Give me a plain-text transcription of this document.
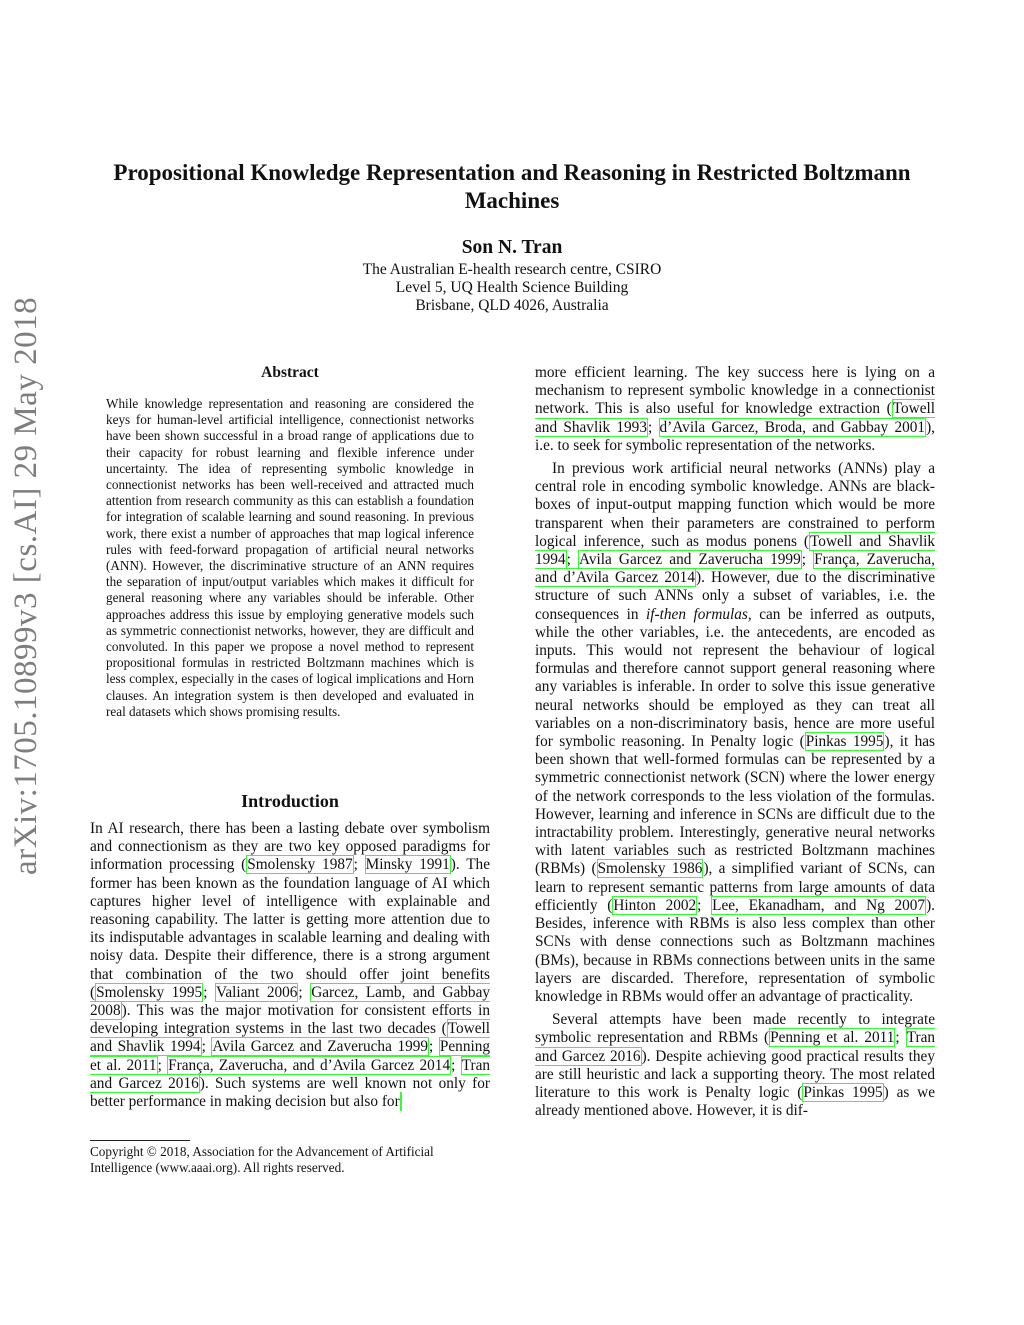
arXiv:1705.10899v3 [cs.AI] 29 May 2018
Propositional Knowledge Representation and Reasoning in Restricted Boltzmann Machines
Son N. Tran
The Australian E-health research centre, CSIRO
Level 5, UQ Health Science Building
Brisbane, QLD 4026, Australia
Abstract
While knowledge representation and reasoning are considered the keys for human-level artificial intelligence, connectionist networks have been shown successful in a broad range of applications due to their capacity for robust learning and flexible inference under uncertainty. The idea of representing symbolic knowledge in connectionist networks has been well-received and attracted much attention from research community as this can establish a foundation for integration of scalable learning and sound reasoning. In previous work, there exist a number of approaches that map logical inference rules with feed-forward propagation of artificial neural networks (ANN). However, the discriminative structure of an ANN requires the separation of input/output variables which makes it difficult for general reasoning where any variables should be inferable. Other approaches address this issue by employing generative models such as symmetric connectionist networks, however, they are difficult and convoluted. In this paper we propose a novel method to represent propositional formulas in restricted Boltzmann machines which is less complex, especially in the cases of logical implications and Horn clauses. An integration system is then developed and evaluated in real datasets which shows promising results.
Introduction

In AI research, there has been a lasting debate over symbolism and connectionism as they are two key opposed paradigms for information processing (Smolensky 1987; Minsky 1991). The former has been known as the foundation language of AI which captures higher level of intelligence with explainable and reasoning capability. The latter is getting more attention due to its indisputable advantages in scalable learning and dealing with noisy data. Despite their difference, there is a strong argument that combination of the two should offer joint benefits (Smolensky 1995; Valiant 2006; Garcez, Lamb, and Gabbay 2008). This was the major motivation for consistent efforts in developing integration systems in the last two decades (Towell and Shavlik 1994; Avila Garcez and Zaverucha 1999; Penning et al. 2011; França, Zaverucha, and d’Avila Garcez 2014; Tran and Garcez 2016). Such systems are well known not only for better performance in making decision but also for

Copyright © 2018, Association for the Advancement of Artificial Intelligence (www.aaai.org). All rights reserved.

more efficient learning. The key success here is lying on a mechanism to represent symbolic knowledge in a connectionist network. This is also useful for knowledge extraction (Towell and Shavlik 1993; d’Avila Garcez, Broda, and Gabbay 2001), i.e. to seek for symbolic representation of the networks.

In previous work artificial neural networks (ANNs) play a central role in encoding symbolic knowledge. ANNs are black-boxes of input-output mapping function which would be more transparent when their parameters are constrained to perform logical inference, such as modus ponens (Towell and Shavlik 1994; Avila Garcez and Zaverucha 1999; França, Zaverucha, and d’Avila Garcez 2014). However, due to the discriminative structure of such ANNs only a subset of variables, i.e. the consequences in if-then formulas, can be inferred as outputs, while the other variables, i.e. the antecedents, are encoded as inputs. This would not represent the behaviour of logical formulas and therefore cannot support general reasoning where any variables is inferable. In order to solve this issue generative neural networks should be employed as they can treat all variables on a non-discriminatory basis, hence are more useful for symbolic reasoning. In Penalty logic (Pinkas 1995), it has been shown that well-formed formulas can be represented by a symmetric connectionist network (SCN) where the lower energy of the network corresponds to the less violation of the formulas. However, learning and inference in SCNs are difficult due to the intractability problem. Interestingly, generative neural networks with latent variables such as restricted Boltzmann machines (RBMs) (Smolensky 1986), a simplified variant of SCNs, can learn to represent semantic patterns from large amounts of data efficiently (Hinton 2002; Lee, Ekanadham, and Ng 2007). Besides, inference with RBMs is also less complex than other SCNs with dense connections such as Boltzmann machines (BMs), because in RBMs connections between units in the same layers are discarded. Therefore, representation of symbolic knowledge in RBMs would offer an advantage of practicality.

Several attempts have been made recently to integrate symbolic representation and RBMs (Penning et al. 2011; Tran and Garcez 2016). Despite achieving good practical results they are still heuristic and lack a supporting theory. The most related literature to this work is Penalty logic (Pinkas 1995) as we already mentioned above. However, it is dif-
